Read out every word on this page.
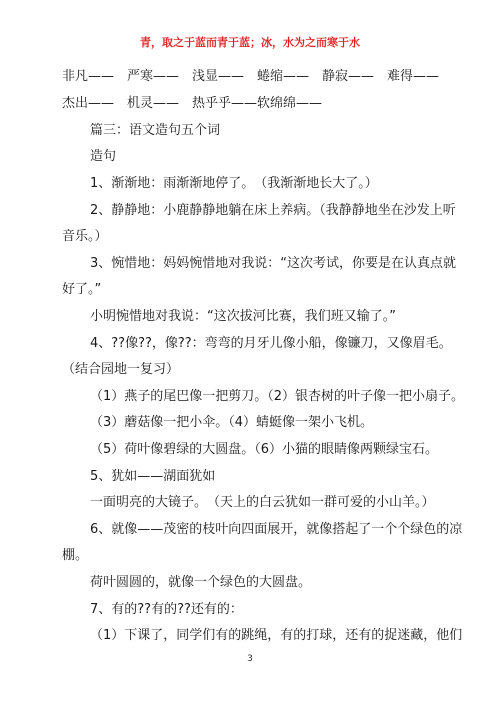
青，取之于蓝而青于蓝；冰，水为之而寒于水
非凡——　严寒——　浅显——　蜷缩——　静寂——　难得——
杰出——　机灵——　热乎乎——软绵绵——
篇三：语文造句五个词
造句
1、渐渐地：雨渐渐地停了。　（我渐渐地长大了。）
2、静静地：小鹿静静地躺在床上养病。（我静静地坐在沙发上听
音乐。）
3、惋惜地：妈妈惋惜地对我说：“这次考试，你要是在认真点就
好了。”
小明惋惜地对我说：“这次拔河比赛，我们班又输了。”
4、??像??，像??：弯弯的月牙儿像小船，像镰刀，又像眉毛。
（结合园地一复习）
（1）燕子的尾巴像一把剪刀。（2）银杏树的叶子像一把小扇子。
（3）蘑菇像一把小伞。（4）蜻蜓像一架小飞机。
（5）荷叶像碧绿的大圆盘。（6）小猫的眼睛像两颗绿宝石。
5、犹如——湖面犹如
一面明亮的大镜子。　（天上的白云犹如一群可爱的小山羊。）
6、就像——茂密的枝叶向四面展开，就像搭起了一个个绿色的凉
棚。
荷叶圆圆的，就像一个绿色的大圆盘。
7、有的??有的??还有的：
（1）下课了，同学们有的跳绳，有的打球，还有的捉迷藏，他们
3
